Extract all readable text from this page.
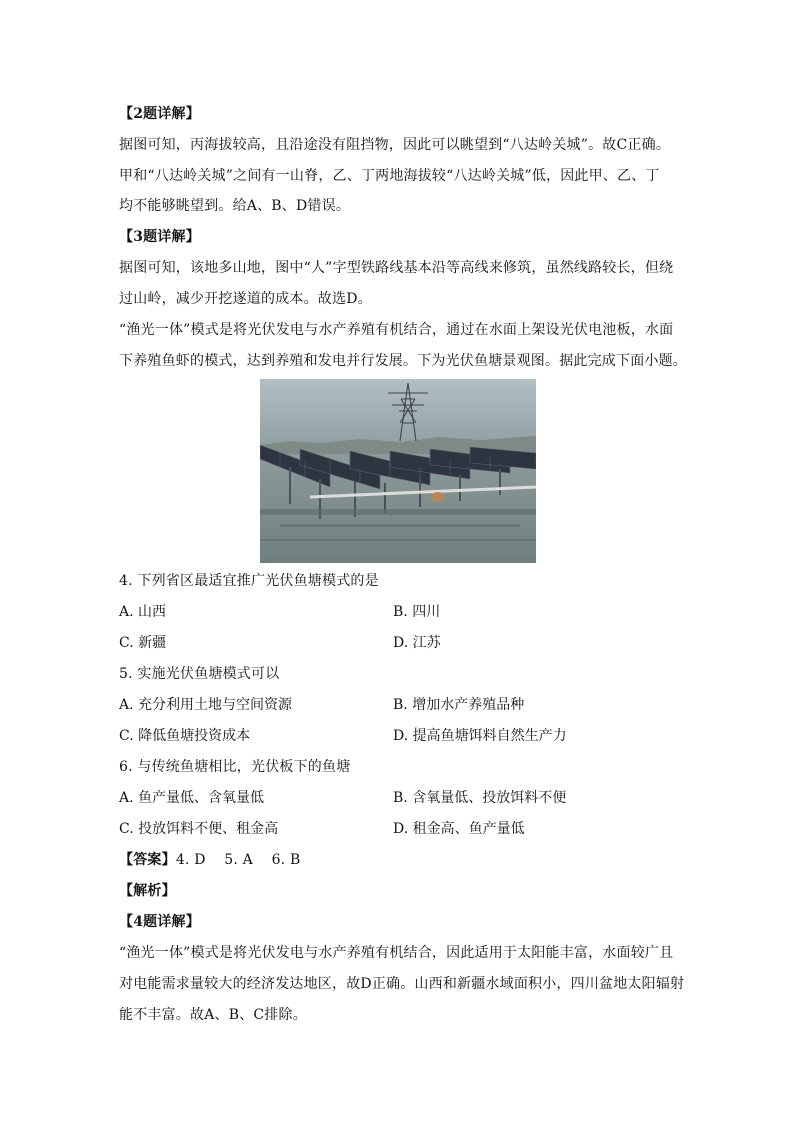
【2题详解】
据图可知，丙海拔较高，且沿途没有阻挡物，因此可以眺望到“八达岭关城”。故C正确。
甲和“八达岭关城”之间有一山脊，乙、丁两地海拔较“八达岭关城”低，因此甲、乙、丁
均不能够眺望到。给A、B、D错误。
【3题详解】
据图可知，该地多山地，图中“人”字型铁路线基本沿等高线来修筑，虽然线路较长，但绕
过山岭，减少开挖遂道的成本。故选D。
“渔光一体”模式是将光伏发电与水产养殖有机结合，通过在水面上架设光伏电池板，水面
下养殖鱼虾的模式，达到养殖和发电并行发展。下为光伏鱼塘景观图。据此完成下面小题。
4. 下列省区最适宜推广光伏鱼塘模式的是
A. 山西	B. 四川
C. 新疆	D. 江苏
5. 实施光伏鱼塘模式可以
A. 充分利用土地与空间资源	B. 增加水产养殖品种
C. 降低鱼塘投资成本	D. 提高鱼塘饵料自然生产力
6. 与传统鱼塘相比，光伏板下的鱼塘
A. 鱼产量低、含氧量低	B. 含氧量低、投放饵料不便
C. 投放饵料不便、租金高	D. 租金高、鱼产量低
【答案】4. D    5. A    6. B
【解析】
【4题详解】
“渔光一体”模式是将光伏发电与水产养殖有机结合，因此适用于太阳能丰富，水面较广且
对电能需求量较大的经济发达地区，故D正确。山西和新疆水域面积小，四川盆地太阳辐射
能不丰富。故A、B、C排除。
